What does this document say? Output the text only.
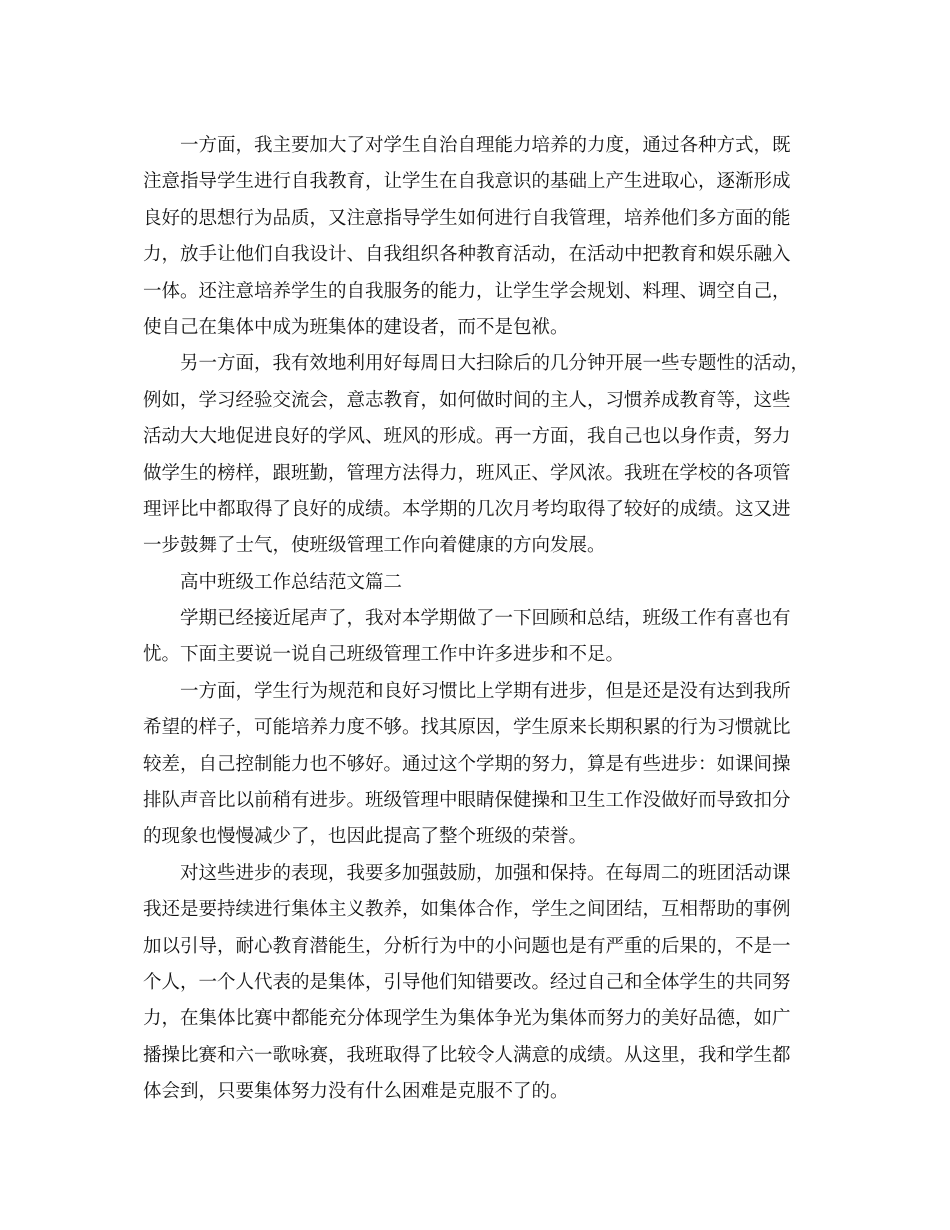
　　一方面，我主要加大了对学生自治自理能力培养的力度，通过各种方式，既
注意指导学生进行自我教育，让学生在自我意识的基础上产生进取心，逐渐形成
良好的思想行为品质，又注意指导学生如何进行自我管理，培养他们多方面的能
力，放手让他们自我设计、自我组织各种教育活动，在活动中把教育和娱乐融入
一体。还注意培养学生的自我服务的能力，让学生学会规划、料理、调空自己，
使自己在集体中成为班集体的建设者，而不是包袱。
　　另一方面，我有效地利用好每周日大扫除后的几分钟开展一些专题性的活动，
例如，学习经验交流会，意志教育，如何做时间的主人，习惯养成教育等，这些
活动大大地促进良好的学风、班风的形成。再一方面，我自己也以身作责，努力
做学生的榜样，跟班勤，管理方法得力，班风正、学风浓。我班在学校的各项管
理评比中都取得了良好的成绩。本学期的几次月考均取得了较好的成绩。这又进
一步鼓舞了士气，使班级管理工作向着健康的方向发展。
　　高中班级工作总结范文篇二
　　学期已经接近尾声了，我对本学期做了一下回顾和总结，班级工作有喜也有
忧。下面主要说一说自己班级管理工作中许多进步和不足。
　　一方面，学生行为规范和良好习惯比上学期有进步，但是还是没有达到我所
希望的样子，可能培养力度不够。找其原因，学生原来长期积累的行为习惯就比
较差，自己控制能力也不够好。通过这个学期的努力，算是有些进步：如课间操
排队声音比以前稍有进步。班级管理中眼睛保健操和卫生工作没做好而导致扣分
的现象也慢慢减少了，也因此提高了整个班级的荣誉。
　　对这些进步的表现，我要多加强鼓励，加强和保持。在每周二的班团活动课
我还是要持续进行集体主义教养，如集体合作，学生之间团结，互相帮助的事例
加以引导，耐心教育潜能生，分析行为中的小问题也是有严重的后果的，不是一
个人，一个人代表的是集体，引导他们知错要改。经过自己和全体学生的共同努
力，在集体比赛中都能充分体现学生为集体争光为集体而努力的美好品德，如广
播操比赛和六一歌咏赛，我班取得了比较令人满意的成绩。从这里，我和学生都
体会到，只要集体努力没有什么困难是克服不了的。
